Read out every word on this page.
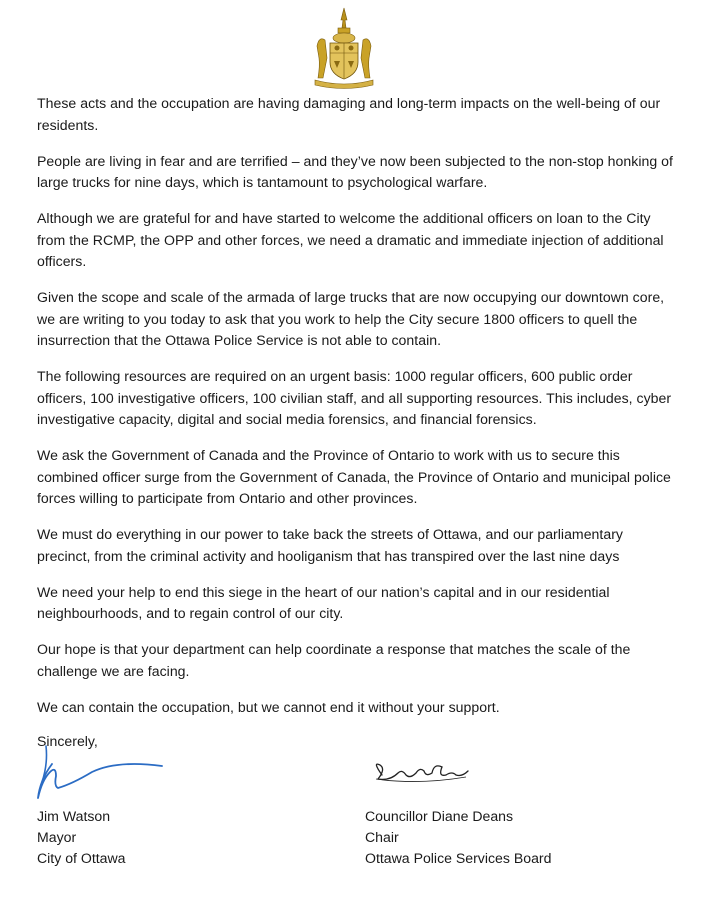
These acts and the occupation are having damaging and long-term impacts on the well-being of our residents.

People are living in fear and are terrified – and they’ve now been subjected to the non-stop honking of large trucks for nine days, which is tantamount to psychological warfare.

Although we are grateful for and have started to welcome the additional officers on loan to the City from the RCMP, the OPP and other forces, we need a dramatic and immediate injection of additional officers.

Given the scope and scale of the armada of large trucks that are now occupying our downtown core, we are writing to you today to ask that you work to help the City secure 1800 officers to quell the insurrection that the Ottawa Police Service is not able to contain.

The following resources are required on an urgent basis: 1000 regular officers, 600 public order officers, 100 investigative officers, 100 civilian staff, and all supporting resources. This includes, cyber investigative capacity, digital and social media forensics, and financial forensics.

We ask the Government of Canada and the Province of Ontario to work with us to secure this combined officer surge from the Government of Canada, the Province of Ontario and municipal police forces willing to participate from Ontario and other provinces.

We must do everything in our power to take back the streets of Ottawa, and our parliamentary precinct, from the criminal activity and hooliganism that has transpired over the last nine days

We need your help to end this siege in the heart of our nation’s capital and in our residential neighbourhoods, and to regain control of our city.

Our hope is that your department can help coordinate a response that matches the scale of the challenge we are facing.

We can contain the occupation, but we cannot end it without your support.

Sincerely,

Jim Watson
Mayor
City of Ottawa
Councillor Diane Deans
Chair
Ottawa Police Services Board
